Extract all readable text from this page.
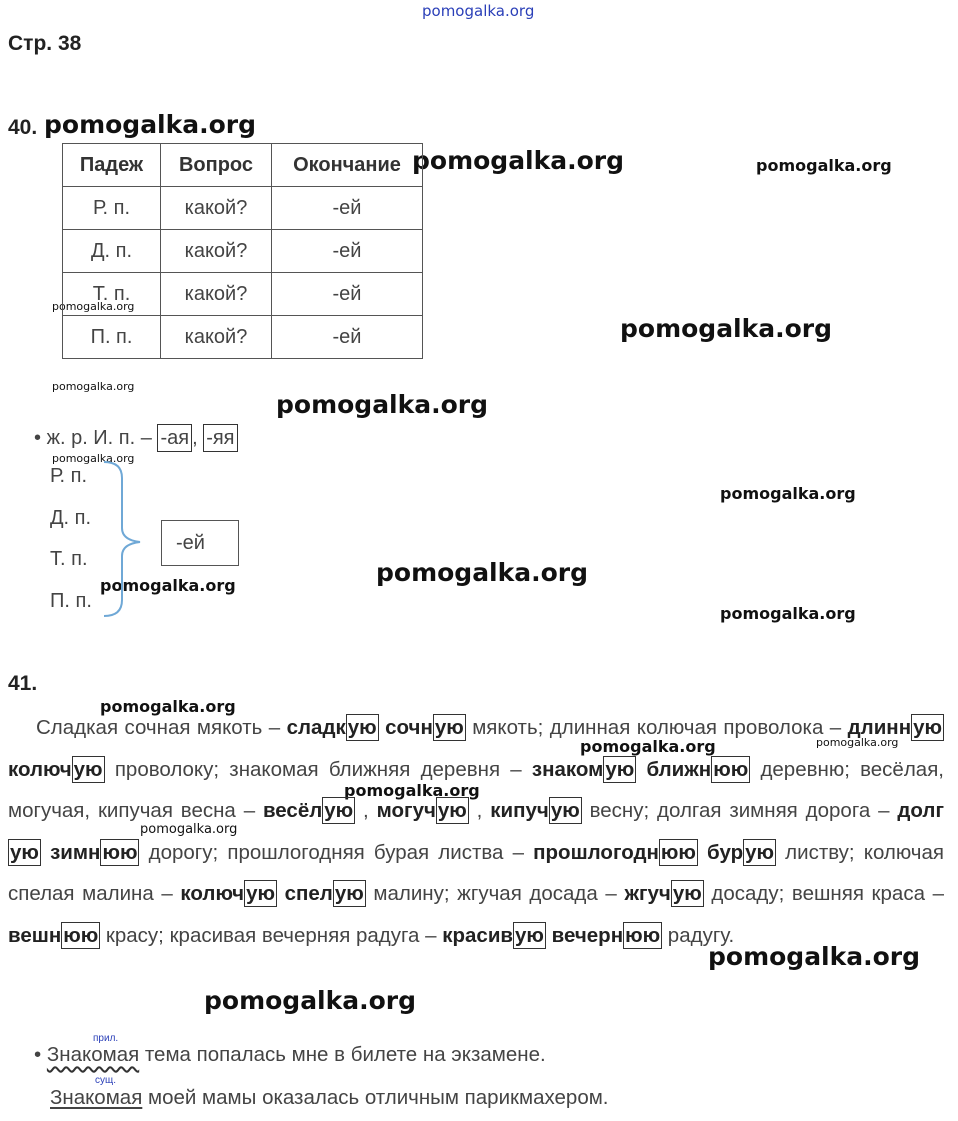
pomogalka.org
pomogalka.org
pomogalka.org	pomogalka.org
pomogalka.org
pomogalka.org
pomogalka.org
pomogalka.org
pomogalka.org
pomogalka.org
pomogalka.org
pomogalka.org
pomogalka.org
pomogalka.org
pomogalka.org	pomogalka.org
pomogalka.org
pomogalka.org
pomogalka.org
pomogalka.org
Стр. 38
40.
Падеж	Вопрос	Окончание
Р. п.	какой?	-ей
Д. п.	какой?	-ей
Т. п.	какой?	-ей
П. п.	какой?	-ей
• ж. р. И. п. – -ая , -яя
Р. п.
Д. п.
Т. п.
П. п.
-ей
41.
Сладкая сочная мякоть – сладкую сочную мякоть; длинная колючая проволока – длинную колючую проволоку; знакомая ближняя деревня – знакомую ближнюю деревню; весёлая, могучая, кипучая весна – весёлую , могучую , кипучую весну; долгая зимняя дорога – долгую зимнюю дорогу; прошлогодняя бурая листва – прошлогоднюю бурую листву; колючая спелая малина – колючую спелую малину; жгучая досада – жгучую досаду; вешняя краса – вешнюю красу; красивая вечерняя радуга – красивую вечернюю радугу.
прил.
• Знакомая тема попалась мне в билете на экзамене.
сущ.
Знакомая моей мамы оказалась отличным парикмахером.
